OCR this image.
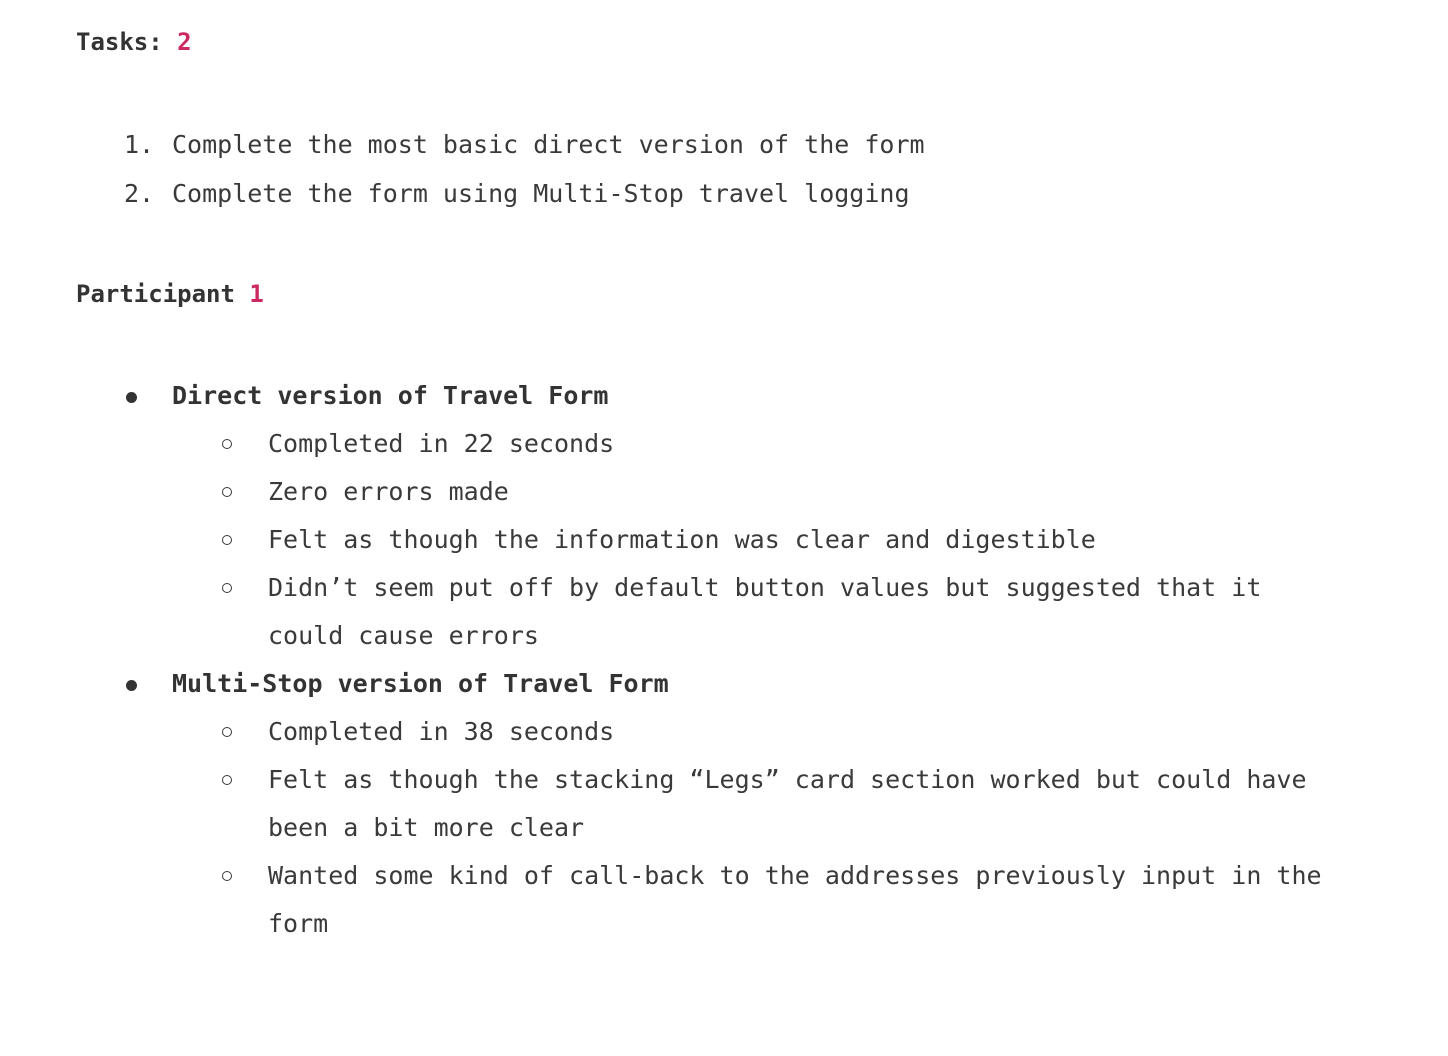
Tasks: 2
1. Complete the most basic direct version of the form
2. Complete the form using Multi-Stop travel logging
Participant 1
Direct version of Travel Form
Completed in 22 seconds
Zero errors made
Felt as though the information was clear and digestible
Didn’t seem put off by default button values but suggested that it could cause errors
Multi-Stop version of Travel Form
Completed in 38 seconds
Felt as though the stacking “Legs” card section worked but could have been a bit more clear
Wanted some kind of call-back to the addresses previously input in the form
